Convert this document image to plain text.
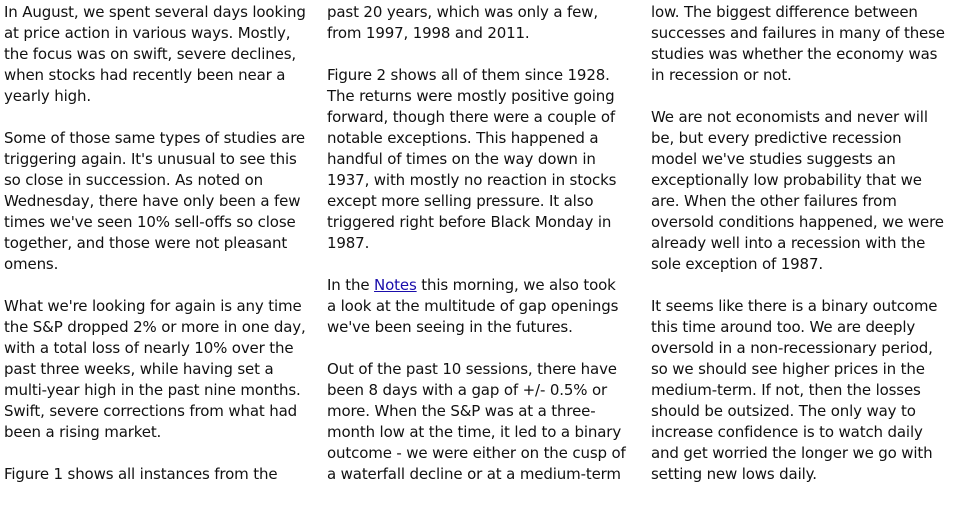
In August, we spent several days looking at price action in various ways. Mostly, the focus was on swift, severe declines, when stocks had recently been near a yearly high.

Some of those same types of studies are triggering again. It's unusual to see this so close in succession. As noted on Wednesday, there have only been a few times we've seen 10% sell-offs so close together, and those were not pleasant omens.

What we're looking for again is any time the S&P dropped 2% or more in one day, with a total loss of nearly 10% over the past three weeks, while having set a multi-year high in the past nine months. Swift, severe corrections from what had been a rising market.

Figure 1 shows all instances from the

past 20 years, which was only a few, from 1997, 1998 and 2011.

Figure 2 shows all of them since 1928. The returns were mostly positive going forward, though there were a couple of notable exceptions. This happened a handful of times on the way down in 1937, with mostly no reaction in stocks except more selling pressure. It also triggered right before Black Monday in 1987.

In the Notes this morning, we also took a look at the multitude of gap openings we've been seeing in the futures.

Out of the past 10 sessions, there have been 8 days with a gap of +/- 0.5% or more. When the S&P was at a three-month low at the time, it led to a binary outcome - we were either on the cusp of a waterfall decline or at a medium-term

low. The biggest difference between successes and failures in many of these studies was whether the economy was in recession or not.

We are not economists and never will be, but every predictive recession model we've studies suggests an exceptionally low probability that we are. When the other failures from oversold conditions happened, we were already well into a recession with the sole exception of 1987.

It seems like there is a binary outcome this time around too. We are deeply oversold in a non-recessionary period, so we should see higher prices in the medium-term. If not, then the losses should be outsized. The only way to increase confidence is to watch daily and get worried the longer we go with setting new lows daily.
